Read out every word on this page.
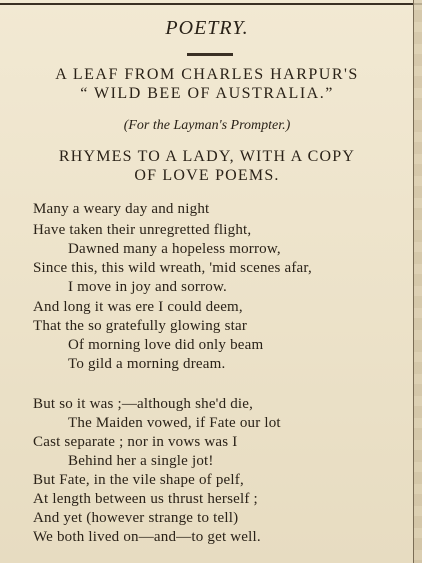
POETRY.
A LEAF FROM CHARLES HARPUR'S
“ WILD BEE OF AUSTRALIA.”
(For the Layman's Prompter.)
RHYMES TO A LADY, WITH A COPY
OF LOVE POEMS.
Many a weary day and night
Have taken their unregretted flight,
Dawned many a hopeless morrow,
Since this, this wild wreath, 'mid scenes afar,
I move in joy and sorrow.
And long it was ere I could deem,
That the so gratefully glowing star
Of morning love did only beam
To gild a morning dream.
But so it was ;—although she'd die,
The Maiden vowed, if Fate our lot
Cast separate ; nor in vows was I
Behind her a single jot!
But Fate, in the vile shape of pelf,
At length between us thrust herself ;
And yet (however strange to tell)
We both lived on—and—to get well.
